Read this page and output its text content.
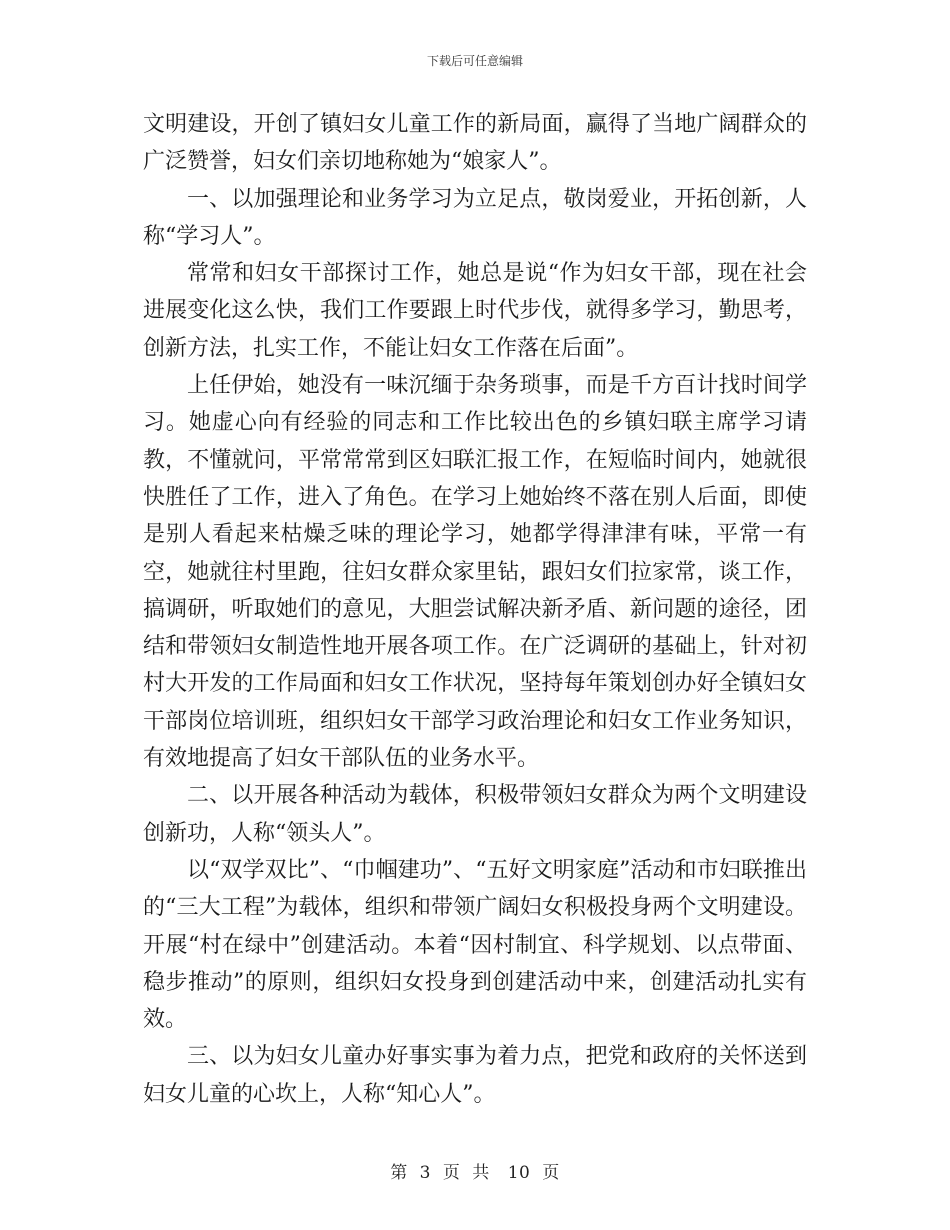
下载后可任意编辑

文明建设，开创了镇妇女儿童工作的新局面，赢得了当地广阔群众的广泛赞誉，妇女们亲切地称她为“娘家人”。

一、以加强理论和业务学习为立足点，敬岗爱业，开拓创新，人称“学习人”。

常常和妇女干部探讨工作，她总是说“作为妇女干部，现在社会进展变化这么快，我们工作要跟上时代步伐，就得多学习，勤思考，创新方法，扎实工作，不能让妇女工作落在后面”。

上任伊始，她没有一味沉缅于杂务琐事，而是千方百计找时间学习。她虚心向有经验的同志和工作比较出色的乡镇妇联主席学习请教，不懂就问，平常常常到区妇联汇报工作，在短临时间内，她就很快胜任了工作，进入了角色。在学习上她始终不落在别人后面，即使是别人看起来枯燥乏味的理论学习，她都学得津津有味，平常一有空，她就往村里跑，往妇女群众家里钻，跟妇女们拉家常，谈工作，搞调研，听取她们的意见，大胆尝试解决新矛盾、新问题的途径，团结和带领妇女制造性地开展各项工作。在广泛调研的基础上，针对初村大开发的工作局面和妇女工作状况，坚持每年策划创办好全镇妇女干部岗位培训班，组织妇女干部学习政治理论和妇女工作业务知识，有效地提高了妇女干部队伍的业务水平。

二、以开展各种活动为载体，积极带领妇女群众为两个文明建设创新功，人称“领头人”。

以“双学双比”、“巾帼建功”、“五好文明家庭”活动和市妇联推出的“三大工程”为载体，组织和带领广阔妇女积极投身两个文明建设。开展“村在绿中”创建活动。本着“因村制宜、科学规划、以点带面、稳步推动”的原则，组织妇女投身到创建活动中来，创建活动扎实有效。

三、以为妇女儿童办好事实事为着力点，把党和政府的关怀送到妇女儿童的心坎上，人称“知心人”。

第 3 页 共 10 页
